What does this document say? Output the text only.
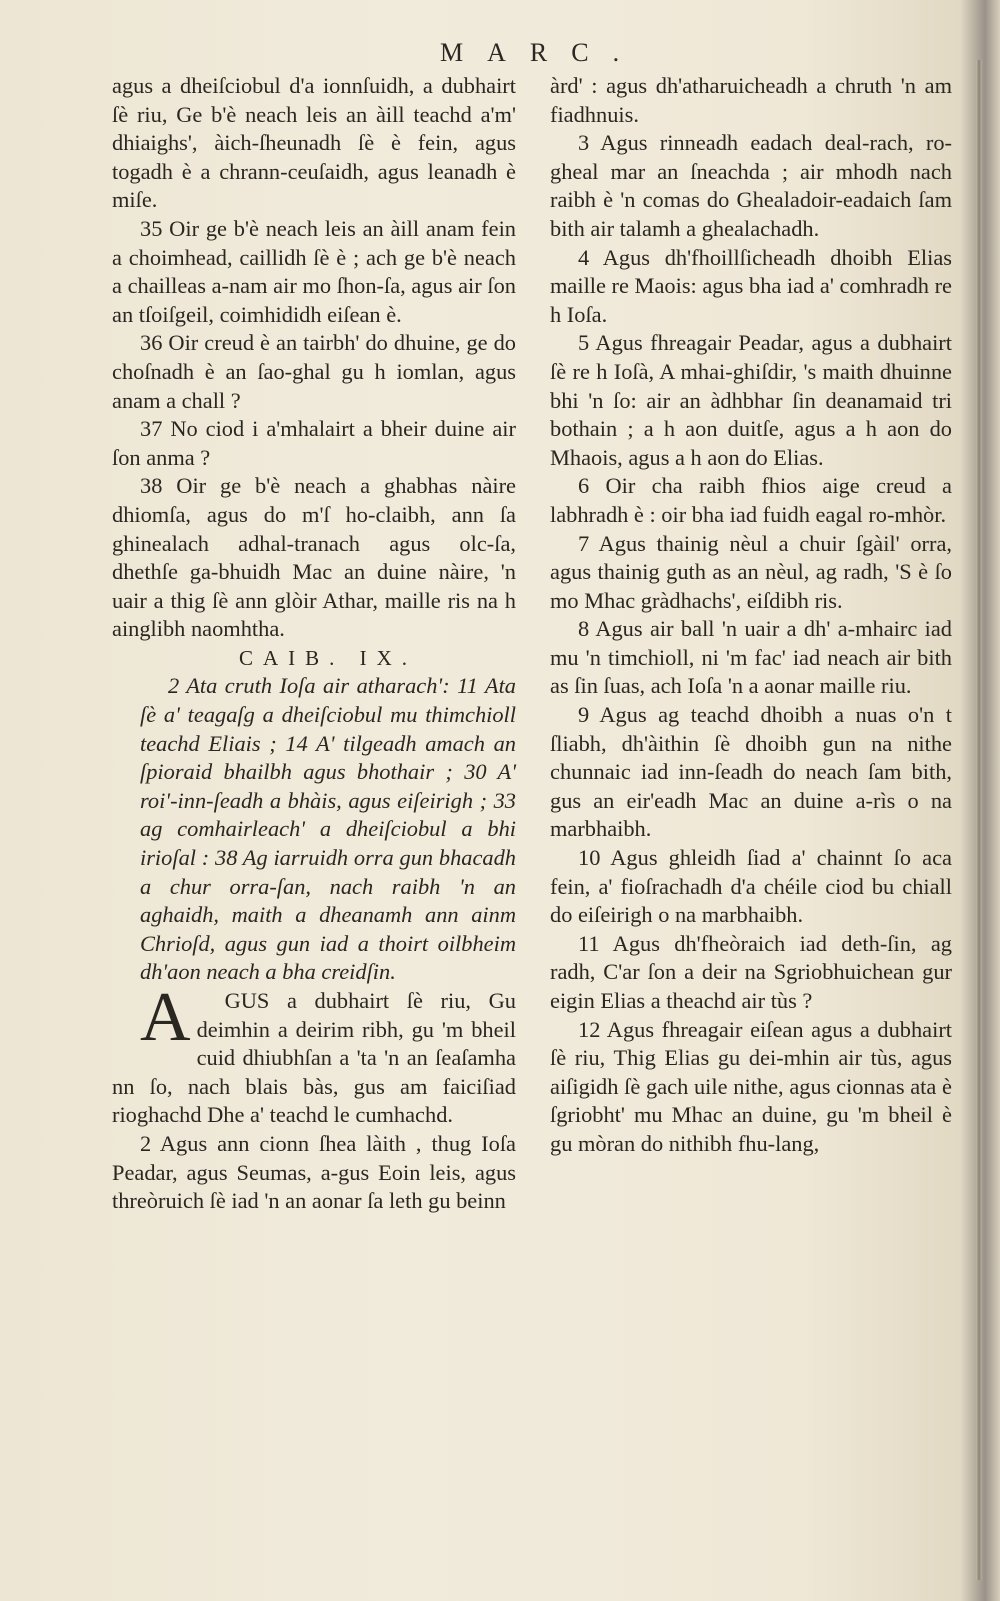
MARC.

agus a dheiſciobul d'a ionnſuidh, a dubhairt ſè riu, Ge b'è neach leis an àill teachd a'm' dhiaighs', àich-ſheunadh ſè è fein, agus togadh è a chrann-ceuſaidh, agus leanadh è miſe.

35 Oir ge b'è neach leis an àill anam fein a choimhead, caillidh ſè è ; ach ge b'è neach a chailleas a-nam air mo ſhon-ſa, agus air ſon an tſoiſgeil, coimhididh eiſean è.

36 Oir creud è an tairbh' do dhuine, ge do choſnadh è an ſao-ghal gu h iomlan, agus anam a chall ?

37 No ciod i a'mhalairt a bheir duine air ſon anma ?

38 Oir ge b'è neach a ghabhas nàire dhiomſa, agus do m'ſ ho-claibh, ann ſa ghinealach adhal-tranach agus olc-ſa, dhethſe ga-bhuidh Mac an duine nàire, 'n uair a thig ſè ann glòir Athar, maille ris na h ainglibh naomhtha.

CAIB. IX.

2 Ata cruth Ioſa air atharach': 11 Ata ſè a' teagaſg a dheiſciobul mu thimchioll teachd Eliais ; 14 A' tilgeadh amach an ſpioraid bhailbh agus bhothair ; 30 A' roi'-inn-ſeadh a bhàis, agus eiſeirigh ; 33 ag comhairleach' a dheiſciobul a bhi irioſal : 38 Ag iarruidh orra gun bhacadh a chur orra-ſan, nach raibh 'n an aghaidh, maith a dheanamh ann ainm Chrioſd, agus gun iad a thoirt oilbheim dh'aon neach a bha creidſin.

A GUS a dubhairt ſè riu, Gu deimhin a deirim ribh, gu 'm bheil cuid dhiubhſan a 'ta 'n an ſeaſamha nn ſo, nach blais bàs, gus am faiciſiad rioghachd Dhe a' teachd le cumhachd.

2 Agus ann cionn ſhea làith , thug Ioſa Peadar, agus Seumas, a-gus Eoin leis, agus threòruich ſè iad 'n an aonar ſa leth gu beinn

àrd' : agus dh'atharuicheadh a chruth 'n am fiadhnuis.

3 Agus rinneadh eadach deal-rach, ro-gheal mar an ſneachda ; air mhodh nach raibh è 'n comas do Ghealadoir-eadaich ſam bith air talamh a ghealachadh.

4 Agus dh'fhoillſicheadh dhoibh Elias maille re Maois: agus bha iad a' comhradh re h Ioſa.

5 Agus fhreagair Peadar, agus a dubhairt ſè re h Ioſà, A mhai-ghiſdir, 's maith dhuinne bhi 'n ſo: air an àdhbhar ſin deanamaid tri bothain ; a h aon duitſe, agus a h aon do Mhaois, agus a h aon do Elias.

6 Oir cha raibh fhios aige creud a labhradh è : oir bha iad fuidh eagal ro-mhòr.

7 Agus thainig nèul a chuir ſgàil' orra, agus thainig guth as an nèul, ag radh, 'S è ſo mo Mhac gràdhachs', eiſdibh ris.

8 Agus air ball 'n uair a dh' a-mhairc iad mu 'n timchioll, ni 'm fac' iad neach air bith as ſin ſuas, ach Ioſa 'n a aonar maille riu.

9 Agus ag teachd dhoibh a nuas o'n t ſliabh, dh'àithin ſè dhoibh gun na nithe chunnaic iad inn-ſeadh do neach ſam bith, gus an eir'eadh Mac an duine a-rìs o na marbhaibh.

10 Agus ghleidh ſiad a' chainnt ſo aca fein, a' fioſrachadh d'a chéile ciod bu chiall do eiſeirigh o na marbhaibh.

11 Agus dh'fheòraich iad deth-ſin, ag radh, C'ar ſon a deir na Sgriobhuichean gur eigin Elias a theachd air tùs ?

12 Agus fhreagair eiſean agus a dubhairt ſè riu, Thig Elias gu dei-mhin air tùs, agus aiſigidh ſè gach uile nithe, agus cionnas ata è ſgriobht' mu Mhac an duine, gu 'm bheil è gu mòran do nithibh fhu-lang,
